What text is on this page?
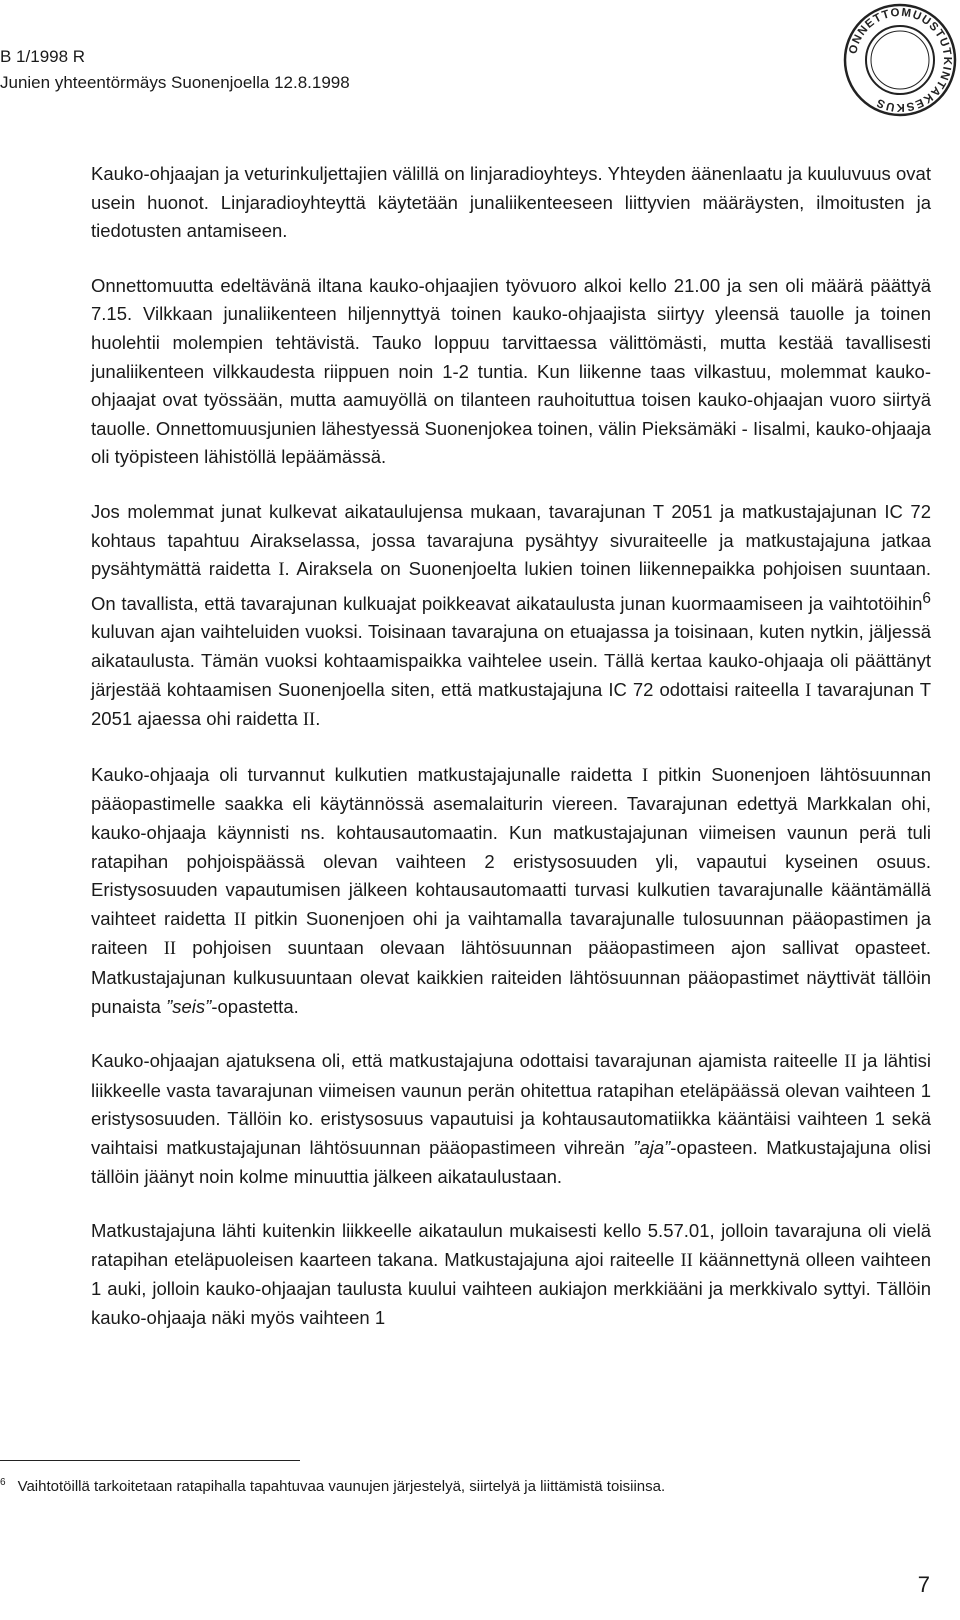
B 1/1998 R
Junien yhteentörmäys Suonenjoella 12.8.1998
ONNETTOMUUSTUTKINTAKESKUS

Kauko-ohjaajan ja veturinkuljettajien välillä on linjaradioyhteys. Yhteyden äänenlaatu ja kuuluvuus ovat usein huonot. Linjaradioyhteyttä käytetään junaliikenteeseen liittyvien määräysten, ilmoitusten ja tiedotusten antamiseen.

Onnettomuutta edeltävänä iltana kauko-ohjaajien työvuoro alkoi kello 21.00 ja sen oli määrä päättyä 7.15. Vilkkaan junaliikenteen hiljennyttyä toinen kauko-ohjaajista siirtyy yleensä tauolle ja toinen huolehtii molempien tehtävistä. Tauko loppuu tarvittaessa välittömästi, mutta kestää tavallisesti junaliikenteen vilkkaudesta riippuen noin 1-2 tuntia. Kun liikenne taas vilkastuu, molemmat kauko-ohjaajat ovat työssään, mutta aamuyöllä on tilanteen rauhoituttua toisen kauko-ohjaajan vuoro siirtyä tauolle. Onnettomuusjunien lähestyessä Suonenjokea toinen, välin Pieksämäki - Iisalmi, kauko-ohjaaja oli työpisteen lähistöllä lepäämässä.

Jos molemmat junat kulkevat aikataulujensa mukaan, tavarajunan T 2051 ja matkustajajunan IC 72 kohtaus tapahtuu Airakselassa, jossa tavarajuna pysähtyy sivuraiteelle ja matkustajajuna jatkaa pysähtymättä raidetta I. Airaksela on Suonenjoelta lukien toinen liikennepaikka pohjoisen suuntaan. On tavallista, että tavarajunan kulkuajat poikkeavat aikataulusta junan kuormaamiseen ja vaihtotöihin$^6$ kuluvan ajan vaihteluiden vuoksi. Toisinaan tavarajuna on etuajassa ja toisinaan, kuten nytkin, jäljessä aikataulusta. Tämän vuoksi kohtaamispaikka vaihtelee usein. Tällä kertaa kauko-ohjaaja oli päättänyt järjestää kohtaamisen Suonenjoella siten, että matkustajajuna IC 72 odottaisi raiteella I tavarajunan T 2051 ajaessa ohi raidetta II.

Kauko-ohjaaja oli turvannut kulkutien matkustajajunalle raidetta I pitkin Suonenjoen lähtösuunnan pääopastimelle saakka eli käytännössä asemalaiturin viereen. Tavarajunan edettyä Markkalan ohi, kauko-ohjaaja käynnisti ns. kohtausautomaatin. Kun matkustajajunan viimeisen vaunun perä tuli ratapihan pohjoispäässä olevan vaihteen 2 eristysosuuden yli, vapautui kyseinen osuus. Eristysosuuden vapautumisen jälkeen kohtausautomaatti turvasi kulkutien tavarajunalle kääntämällä vaihteet raidetta II pitkin Suonenjoen ohi ja vaihtamalla tavarajunalle tulosuunnan pääopastimen ja raiteen II pohjoisen suuntaan olevaan lähtösuunnan pääopastimeen ajon sallivat opasteet. Matkustajajunan kulkusuuntaan olevat kaikkien raiteiden lähtösuunnan pääopastimet näyttivät tällöin punaista ”seis”-opastetta.

Kauko-ohjaajan ajatuksena oli, että matkustajajuna odottaisi tavarajunan ajamista raiteelle II ja lähtisi liikkeelle vasta tavarajunan viimeisen vaunun perän ohitettua ratapihan eteläpäässä olevan vaihteen 1 eristysosuuden. Tällöin ko. eristysosuus vapautuisi ja kohtausautomatiikka kääntäisi vaihteen 1 sekä vaihtaisi matkustajajunan lähtösuunnan pääopastimeen vihreän ”aja”-opasteen. Matkustajajuna olisi tällöin jäänyt noin kolme minuuttia jälkeen aikataulustaan.

Matkustajajuna lähti kuitenkin liikkeelle aikataulun mukaisesti kello 5.57.01, jolloin tavarajuna oli vielä ratapihan eteläpuoleisen kaarteen takana. Matkustajajuna ajoi raiteelle II käännettynä olleen vaihteen 1 auki, jolloin kauko-ohjaajan taulusta kuului vaihteen aukiajon merkkiääni ja merkkivalo syttyi. Tällöin kauko-ohjaaja näki myös vaihteen 1

$^6$ Vaihtotöillä tarkoitetaan ratapihalla tapahtuvaa vaunujen järjestelyä, siirtelyä ja liittämistä toisiinsa.
7
